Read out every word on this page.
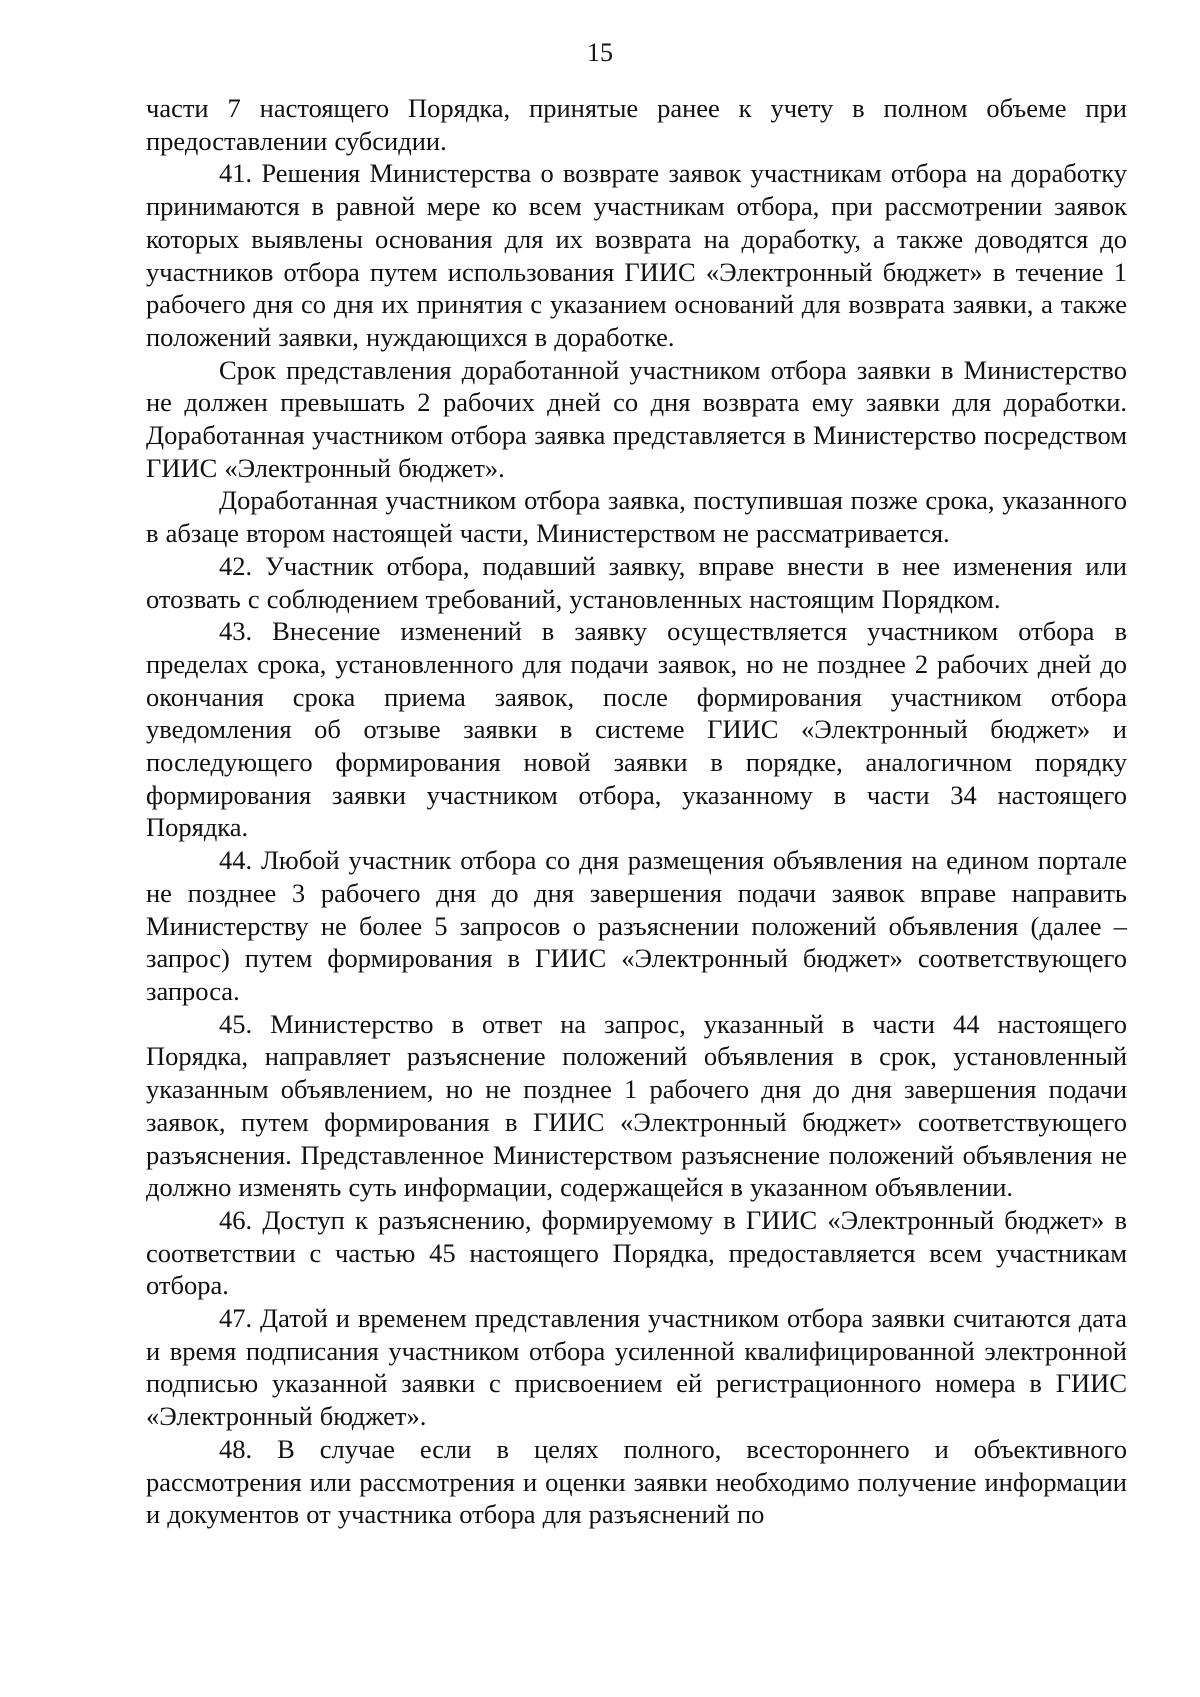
15

части 7 настоящего Порядка, принятые ранее к учету в полном объеме при предоставлении субсидии.

41. Решения Министерства о возврате заявок участникам отбора на доработку принимаются в равной мере ко всем участникам отбора, при рассмотрении заявок которых выявлены основания для их возврата на доработку, а также доводятся до участников отбора путем использования ГИИС «Электронный бюджет» в течение 1 рабочего дня со дня их принятия с указанием оснований для возврата заявки, а также положений заявки, нуждающихся в доработке.

Срок представления доработанной участником отбора заявки в Министерство не должен превышать 2 рабочих дней со дня возврата ему заявки для доработки. Доработанная участником отбора заявка представляется в Министерство посредством ГИИС «Электронный бюджет».

Доработанная участником отбора заявка, поступившая позже срока, указанного в абзаце втором настоящей части, Министерством не рассматривается.

42. Участник отбора, подавший заявку, вправе внести в нее изменения или отозвать с соблюдением требований, установленных настоящим Порядком.

43. Внесение изменений в заявку осуществляется участником отбора в пределах срока, установленного для подачи заявок, но не позднее 2 рабочих дней до окончания срока приема заявок, после формирования участником отбора уведомления об отзыве заявки в системе ГИИС «Электронный бюджет» и последующего формирования новой заявки в порядке, аналогичном порядку формирования заявки участником отбора, указанному в части 34 настоящего Порядка.

44. Любой участник отбора со дня размещения объявления на едином портале не позднее 3 рабочего дня до дня завершения подачи заявок вправе направить Министерству не более 5 запросов о разъяснении положений объявления (далее – запрос) путем формирования в ГИИС «Электронный бюджет» соответствующего запроса.

45. Министерство в ответ на запрос, указанный в части 44 настоящего Порядка, направляет разъяснение положений объявления в срок, установленный указанным объявлением, но не позднее 1 рабочего дня до дня завершения подачи заявок, путем формирования в ГИИС «Электронный бюджет» соответствующего разъяснения. Представленное Министерством разъяснение положений объявления не должно изменять суть информации, содержащейся в указанном объявлении.

46. Доступ к разъяснению, формируемому в ГИИС «Электронный бюджет» в соответствии с частью 45 настоящего Порядка, предоставляется всем участникам отбора.

47. Датой и временем представления участником отбора заявки считаются дата и время подписания участником отбора усиленной квалифицированной электронной подписью указанной заявки с присвоением ей регистрационного номера в ГИИС «Электронный бюджет».

48. В случае если в целях полного, всестороннего и объективного рассмотрения или рассмотрения и оценки заявки необходимо получение информации и документов от участника отбора для разъяснений по
